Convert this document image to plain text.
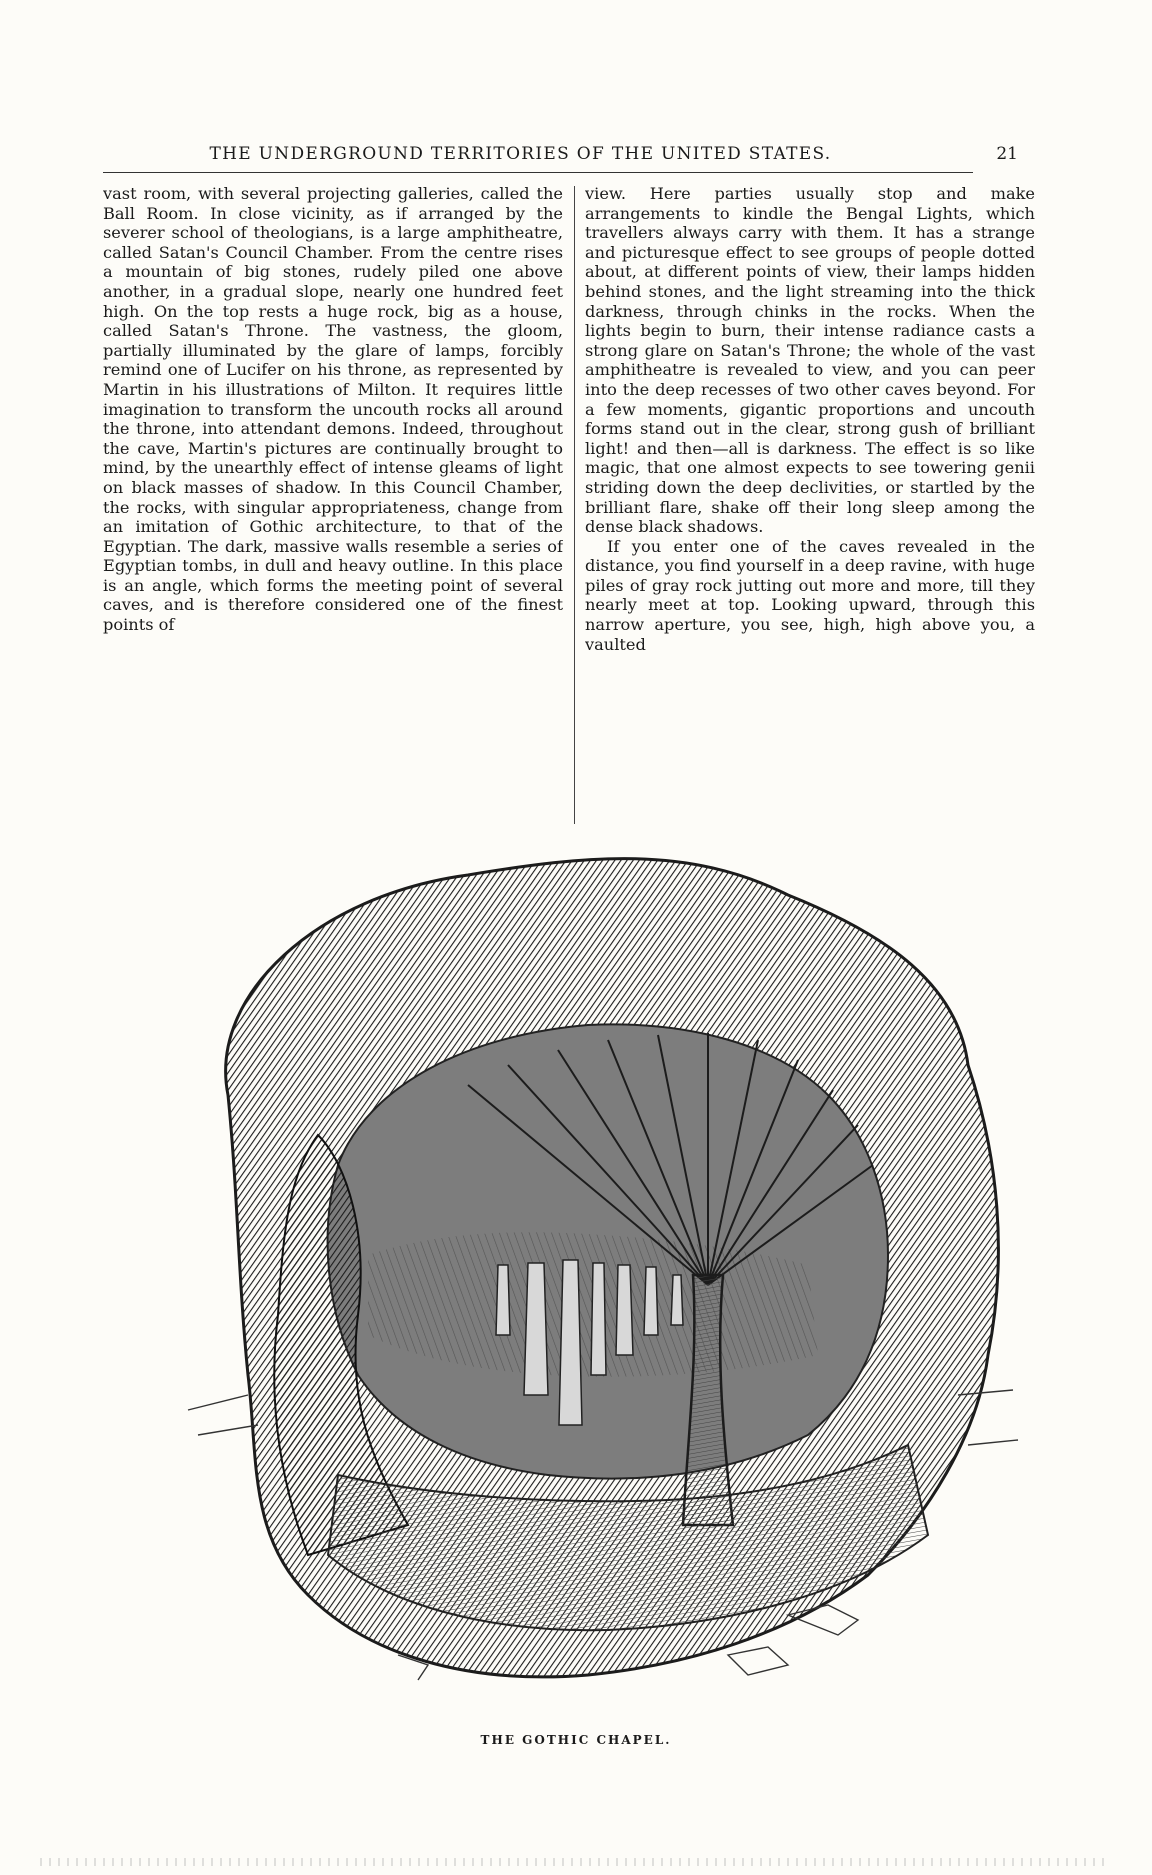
THE UNDERGROUND TERRITORIES OF THE UNITED STATES.	21

vast room, with several projecting galleries, called the Ball Room. In close vicinity, as if arranged by the severer school of theologians, is a large amphitheatre, called Satan's Council Chamber. From the centre rises a mountain of big stones, rudely piled one above another, in a gradual slope, nearly one hundred feet high. On the top rests a huge rock, big as a house, called Satan's Throne. The vastness, the gloom, partially illuminated by the glare of lamps, forcibly remind one of Lucifer on his throne, as represented by Martin in his illustrations of Milton. It requires little imagination to transform the uncouth rocks all around the throne, into attendant demons. Indeed, throughout the cave, Martin's pictures are continually brought to mind, by the unearthly effect of intense gleams of light on black masses of shadow. In this Council Chamber, the rocks, with singular appropriateness, change from an imitation of Gothic architecture, to that of the Egyptian. The dark, massive walls resemble a series of Egyptian tombs, in dull and heavy outline. In this place is an angle, which forms the meeting point of several caves, and is therefore considered one of the finest points of

view. Here parties usually stop and make arrangements to kindle the Bengal Lights, which travellers always carry with them. It has a strange and picturesque effect to see groups of people dotted about, at different points of view, their lamps hidden behind stones, and the light streaming into the thick darkness, through chinks in the rocks. When the lights begin to burn, their intense radiance casts a strong glare on Satan's Throne; the whole of the vast amphitheatre is revealed to view, and you can peer into the deep recesses of two other caves beyond. For a few moments, gigantic proportions and uncouth forms stand out in the clear, strong gush of brilliant light! and then—all is darkness. The effect is so like magic, that one almost expects to see towering genii striding down the deep declivities, or startled by the brilliant flare, shake off their long sleep among the dense black shadows.

If you enter one of the caves revealed in the distance, you find yourself in a deep ravine, with huge piles of gray rock jutting out more and more, till they nearly meet at top. Looking upward, through this narrow aperture, you see, high, high above you, a vaulted

THE GOTHIC CHAPEL.
